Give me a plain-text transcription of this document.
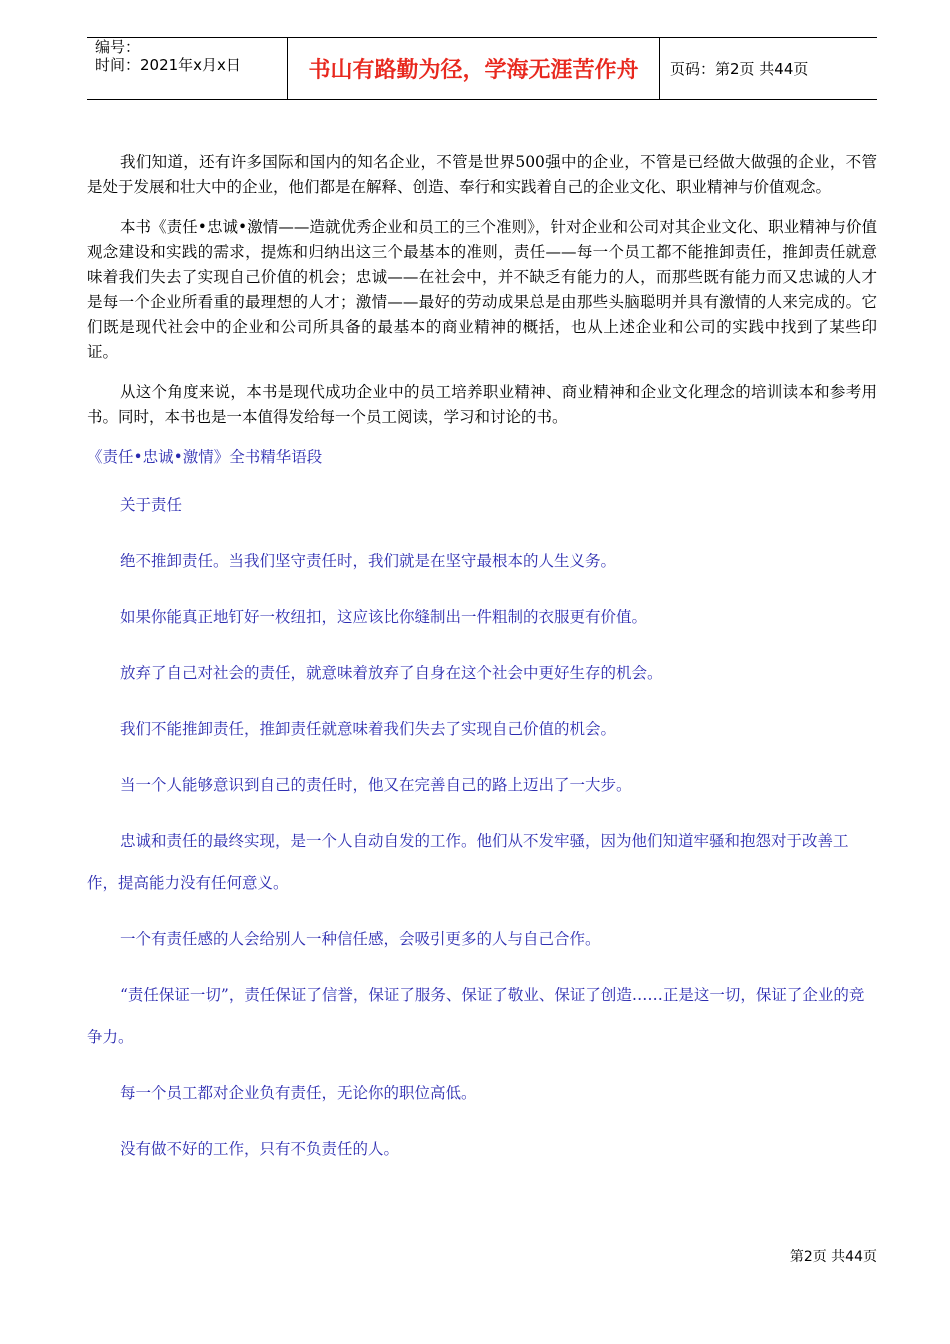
编号：
时间：2021年x月x日	书山有路勤为径，学海无涯苦作舟	页码：第2页 共44页

我们知道，还有许多国际和国内的知名企业，不管是世界500强中的企业，不管是已经做大做强的企业，不管是处于发展和壮大中的企业，他们都是在解释、创造、奉行和实践着自己的企业文化、职业精神与价值观念。

本书《责任•忠诚•激情——造就优秀企业和员工的三个准则》，针对企业和公司对其企业文化、职业精神与价值观念建设和实践的需求，提炼和归纳出这三个最基本的准则，责任——每一个员工都不能推卸责任，推卸责任就意味着我们失去了实现自己价值的机会；忠诚——在社会中，并不缺乏有能力的人，而那些既有能力而又忠诚的人才是每一个企业所看重的最理想的人才；激情——最好的劳动成果总是由那些头脑聪明并具有激情的人来完成的。它们既是现代社会中的企业和公司所具备的最基本的商业精神的概括，也从上述企业和公司的实践中找到了某些印证。

从这个角度来说，本书是现代成功企业中的员工培养职业精神、商业精神和企业文化理念的培训读本和参考用书。同时，本书也是一本值得发给每一个员工阅读，学习和讨论的书。

《责任•忠诚•激情》全书精华语段

关于责任

绝不推卸责任。当我们坚守责任时，我们就是在坚守最根本的人生义务。

如果你能真正地钉好一枚纽扣，这应该比你缝制出一件粗制的衣服更有价值。

放弃了自己对社会的责任，就意味着放弃了自身在这个社会中更好生存的机会。

我们不能推卸责任，推卸责任就意味着我们失去了实现自己价值的机会。

当一个人能够意识到自己的责任时，他又在完善自己的路上迈出了一大步。

忠诚和责任的最终实现，是一个人自动自发的工作。他们从不发牢骚，因为他们知道牢骚和抱怨对于改善工作，提高能力没有任何意义。

一个有责任感的人会给别人一种信任感，会吸引更多的人与自己合作。

“责任保证一切”，责任保证了信誉，保证了服务、保证了敬业、保证了创造……正是这一切，保证了企业的竞争力。

每一个员工都对企业负有责任，无论你的职位高低。

没有做不好的工作，只有不负责任的人。

第2页 共44页
